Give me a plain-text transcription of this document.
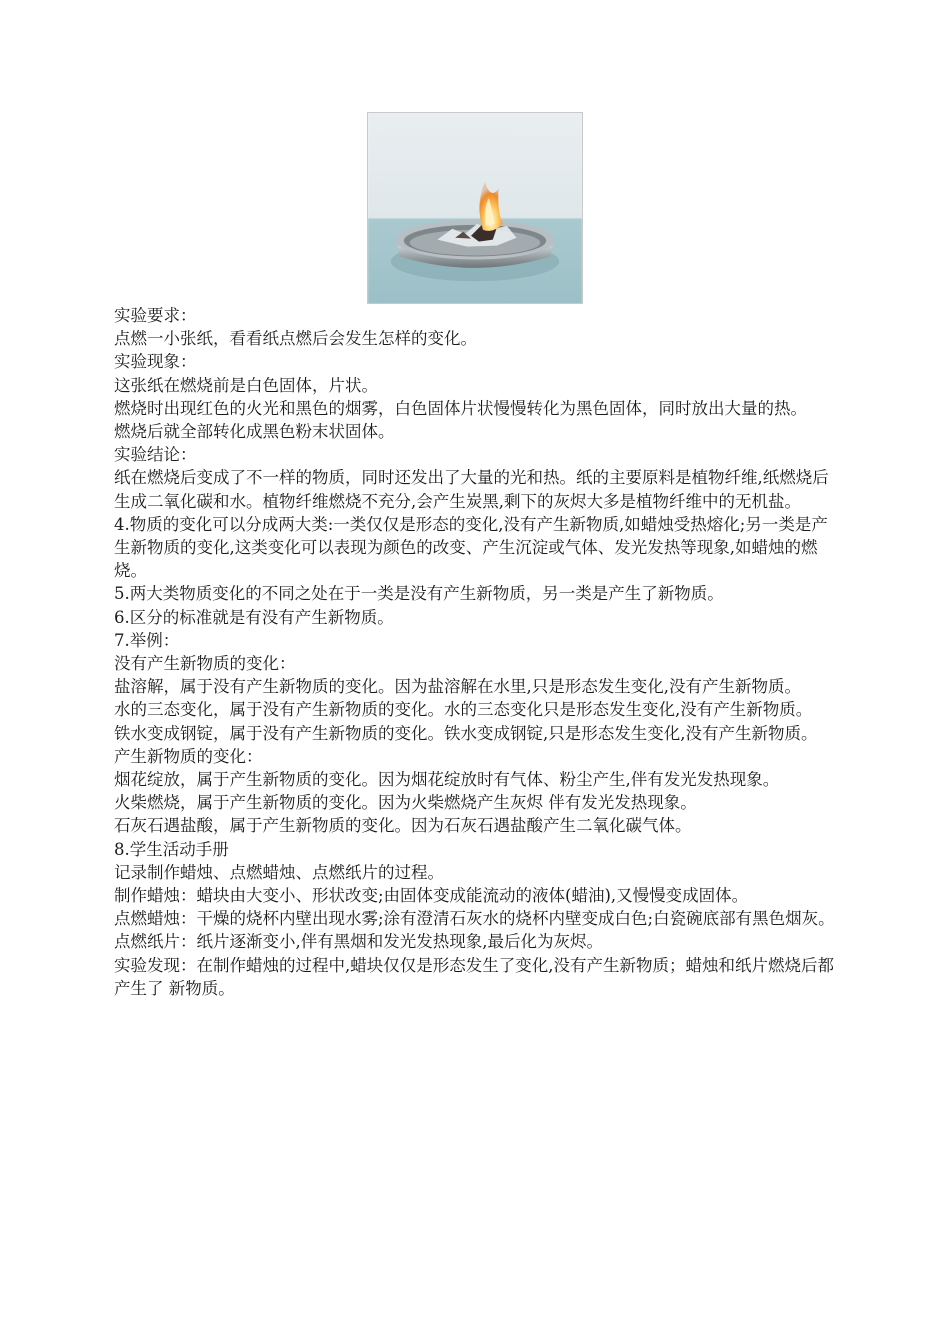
实验要求：

点燃一小张纸，看看纸点燃后会发生怎样的变化。

实验现象：

这张纸在燃烧前是白色固体，片状。

燃烧时出现红色的火光和黑色的烟雾，白色固体片状慢慢转化为黑色固体，同时放出大量的热。

燃烧后就全部转化成黑色粉末状固体。

实验结论：

纸在燃烧后变成了不一样的物质，同时还发出了大量的光和热。纸的主要原料是植物纤维,纸燃烧后生成二氧化碳和水。植物纤维燃烧不充分,会产生炭黑,剩下的灰烬大多是植物纤维中的无机盐。

4.物质的变化可以分成两大类:一类仅仅是形态的变化,没有产生新物质,如蜡烛受热熔化;另一类是产生新物质的变化,这类变化可以表现为颜色的改变、产生沉淀或气体、发光发热等现象,如蜡烛的燃烧。

5.两大类物质变化的不同之处在于一类是没有产生新物质，另一类是产生了新物质。

6.区分的标准就是有没有产生新物质。

7.举例：

没有产生新物质的变化：

盐溶解，属于没有产生新物质的变化。因为盐溶解在水里,只是形态发生变化,没有产生新物质。

水的三态变化，属于没有产生新物质的变化。水的三态变化只是形态发生变化,没有产生新物质。

铁水变成钢锭，属于没有产生新物质的变化。铁水变成钢锭,只是形态发生变化,没有产生新物质。

产生新物质的变化：

烟花绽放，属于产生新物质的变化。因为烟花绽放时有气体、粉尘产生,伴有发光发热现象。

火柴燃烧，属于产生新物质的变化。因为火柴燃烧产生灰烬 伴有发光发热现象。

石灰石遇盐酸，属于产生新物质的变化。因为石灰石遇盐酸产生二氧化碳气体。

8.学生活动手册

记录制作蜡烛、点燃蜡烛、点燃纸片的过程。

制作蜡烛：蜡块由大变小、形状改变;由固体变成能流动的液体(蜡油),又慢慢变成固体。

点燃蜡烛：干燥的烧杯内壁出现水雾;涂有澄清石灰水的烧杯内壁变成白色;白瓷碗底部有黑色烟灰。

点燃纸片：纸片逐渐变小,伴有黑烟和发光发热现象,最后化为灰烬。

实验发现：在制作蜡烛的过程中,蜡块仅仅是形态发生了变化,没有产生新物质；蜡烛和纸片燃烧后都产生了 新物质。
